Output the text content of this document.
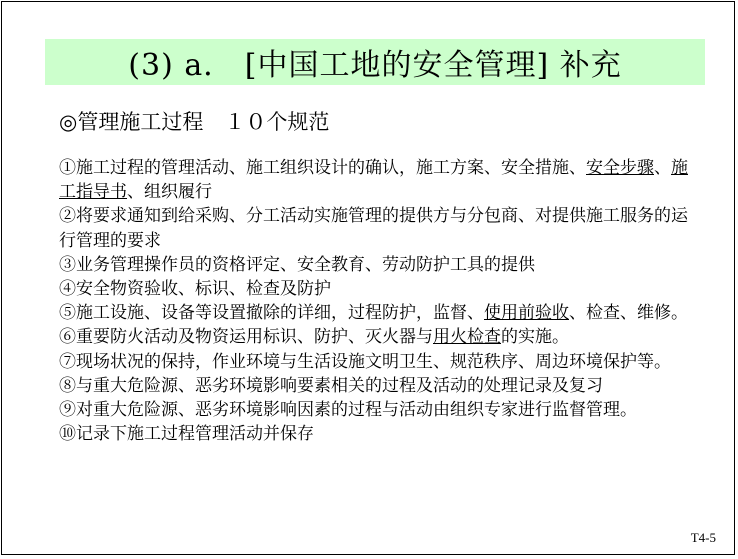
(3) a． [中国工地的安全管理] 补充
◎管理施工过程　１０个规范

①施工过程的管理活动、施工组织设计的确认，施工方案、安全措施、安全步骤、施工指导书、组织履行

②将要求通知到给采购、分工活动实施管理的提供方与分包商、对提供施工服务的运行管理的要求

③业务管理操作员的资格评定、安全教育、劳动防护工具的提供

④安全物资验收、标识、检查及防护

⑤施工设施、设备等设置撤除的详细，过程防护，监督、使用前验收、检查、维修。

⑥重要防火活动及物资运用标识、防护、灭火器与用火检查的实施。

⑦现场状况的保持，作业环境与生活设施文明卫生、规范秩序、周边环境保护等。

⑧与重大危险源、恶劣环境影响要素相关的过程及活动的处理记录及复习

⑨对重大危险源、恶劣环境影响因素的过程与活动由组织专家进行监督管理。

⑩记录下施工过程管理活动并保存

T4-5
